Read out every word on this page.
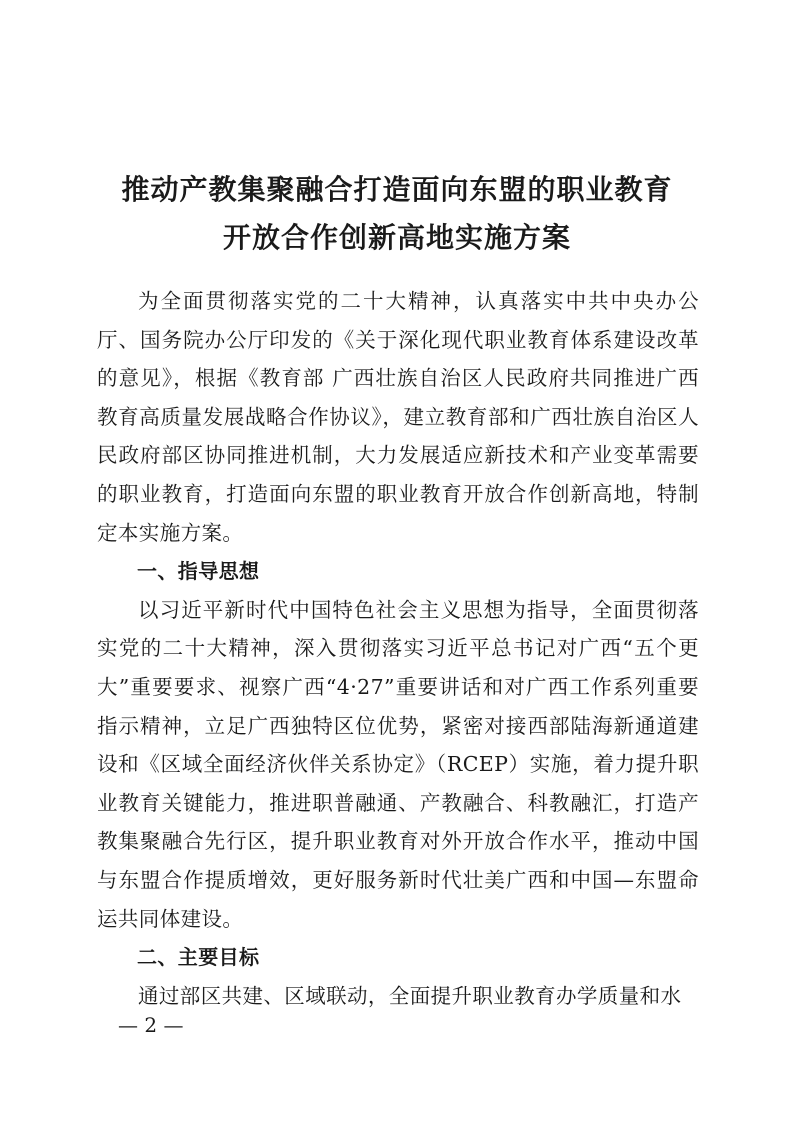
推动产教集聚融合打造面向东盟的职业教育
开放合作创新高地实施方案

为全面贯彻落实党的二十大精神，认真落实中共中央办公厅、国务院办公厅印发的《关于深化现代职业教育体系建设改革的意见》，根据《教育部 广西壮族自治区人民政府共同推进广西教育高质量发展战略合作协议》，建立教育部和广西壮族自治区人民政府部区协同推进机制，大力发展适应新技术和产业变革需要的职业教育，打造面向东盟的职业教育开放合作创新高地，特制定本实施方案。

一、指导思想

以习近平新时代中国特色社会主义思想为指导，全面贯彻落实党的二十大精神，深入贯彻落实习近平总书记对广西“五个更大”重要要求、视察广西“4·27”重要讲话和对广西工作系列重要指示精神，立足广西独特区位优势，紧密对接西部陆海新通道建设和《区域全面经济伙伴关系协定》（RCEP）实施，着力提升职业教育关键能力，推进职普融通、产教融合、科教融汇，打造产教集聚融合先行区，提升职业教育对外开放合作水平，推动中国与东盟合作提质增效，更好服务新时代壮美广西和中国—东盟命运共同体建设。

二、主要目标

通过部区共建、区域联动，全面提升职业教育办学质量和水

— 2 —
